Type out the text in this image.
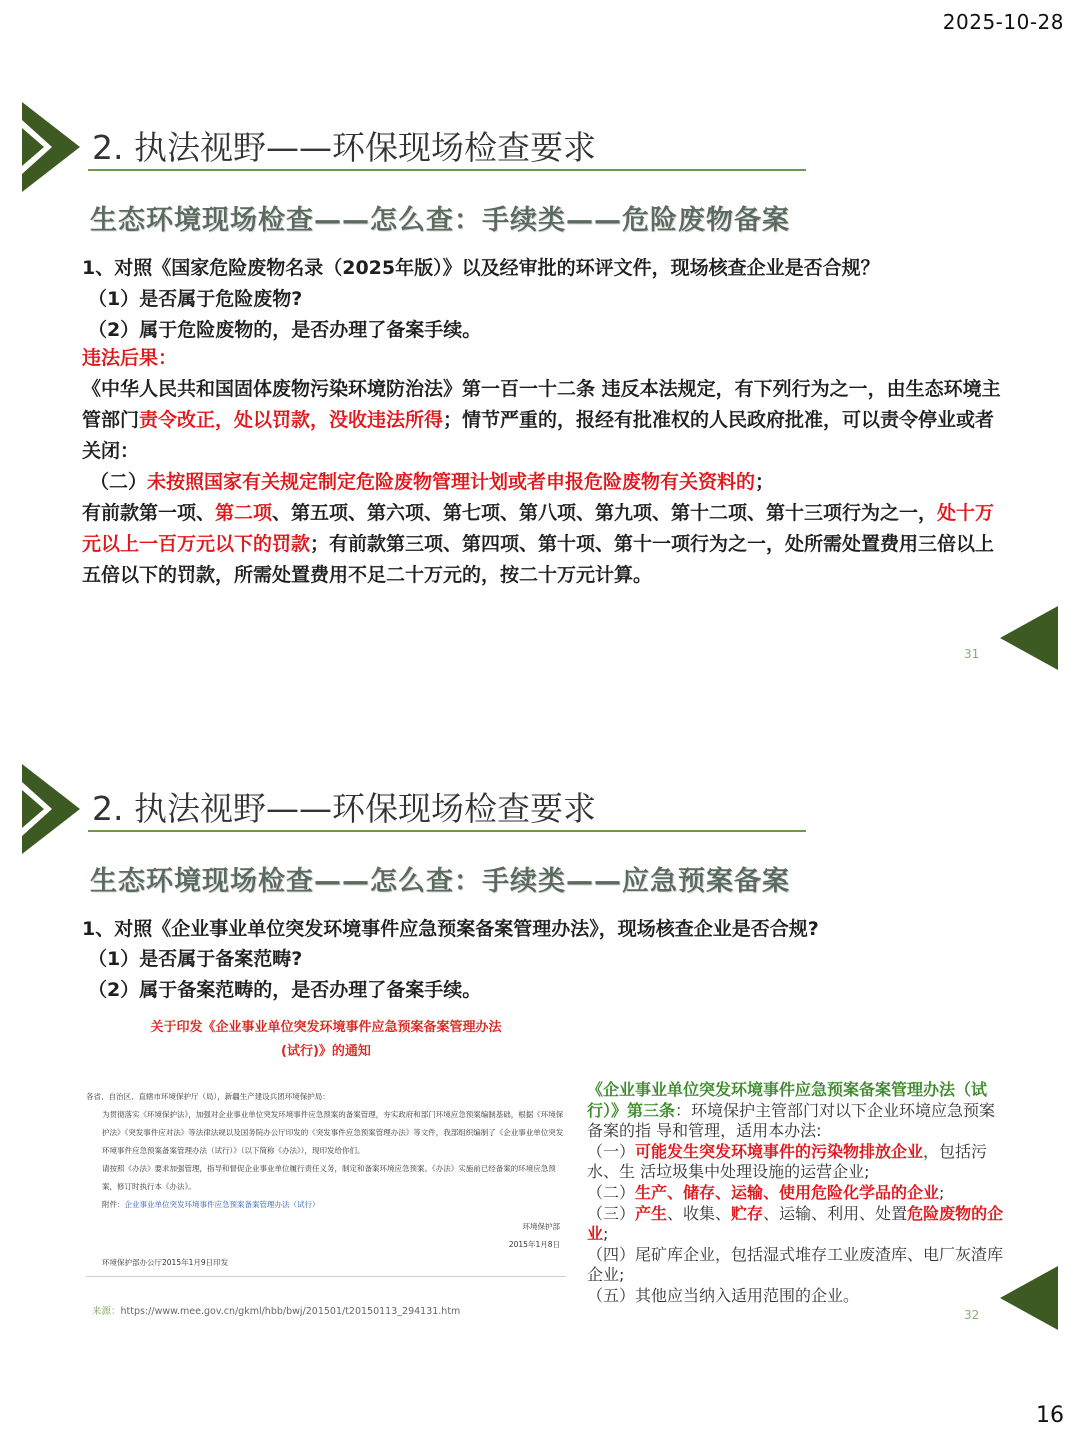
2025-10-28
2. 执法视野——环保现场检查要求
生态环境现场检查——怎么查：手续类——危险废物备案
1、对照《国家危险废物名录（2025年版）》以及经审批的环评文件，现场核查企业是否合规？
（1）是否属于危险废物?
（2）属于危险废物的，是否办理了备案手续。
违法后果：
《中华人民共和国固体废物污染环境防治法》第一百一十二条 违反本法规定，有下列行为之一，由生态环境主管部门责令改正，处以罚款，没收违法所得；情节严重的，报经有批准权的人民政府批准，可以责令停业或者关闭：
（二）未按照国家有关规定制定危险废物管理计划或者申报危险废物有关资料的；
有前款第一项、第二项、第五项、第六项、第七项、第八项、第九项、第十二项、第十三项行为之一，处十万元以上一百万元以下的罚款；有前款第三项、第四项、第十项、第十一项行为之一，处所需处置费用三倍以上五倍以下的罚款，所需处置费用不足二十万元的，按二十万元计算。
31
2. 执法视野——环保现场检查要求
生态环境现场检查——怎么查：手续类——应急预案备案
1、对照《企业事业单位突发环境事件应急预案备案管理办法》，现场核查企业是否合规?
（1）是否属于备案范畴?
（2）属于备案范畴的，是否办理了备案手续。
关于印发《企业事业单位突发环境事件应急预案备案管理办法
(试行)》的通知
各省、自治区、直辖市环境保护厅（局），新疆生产建设兵团环境保护局：
为贯彻落实《环境保护法》，加强对企业事业单位突发环境事件应急预案的备案管理，夯实政府和部门环境应急预案编制基础，根据《环境保护法》《突发事件应对法》等法律法规以及国务院办公厅印发的《突发事件应急预案管理办法》等文件，我部组织编制了《企业事业单位突发环境事件应急预案备案管理办法（试行）》（以下简称《办法》），现印发给你们。
请按照《办法》要求加强管理，指导和督促企业事业单位履行责任义务，制定和备案环境应急预案。《办法》实施前已经备案的环境应急预案，修订时执行本《办法》。
附件：企业事业单位突发环境事件应急预案备案管理办法（试行）
环境保护部
2015年1月8日
环境保护部办公厅2015年1月9日印发
来源：https://www.mee.gov.cn/gkml/hbb/bwj/201501/t20150113_294131.htm
《企业事业单位突发环境事件应急预案备案管理办法（试行）》第三条：环境保护主管部门对以下企业环境应急预案备案的指 导和管理，适用本办法:
（一）可能发生突发环境事件的污染物排放企业，包括污水、生 活垃圾集中处理设施的运营企业;
（二）生产、储存、运输、使用危险化学品的企业;
（三）产生、收集、贮存、运输、利用、处置危险废物的企业;
（四）尾矿库企业，包括湿式堆存工业废渣库、电厂灰渣库企业;
（五）其他应当纳入适用范围的企业。
32
16
